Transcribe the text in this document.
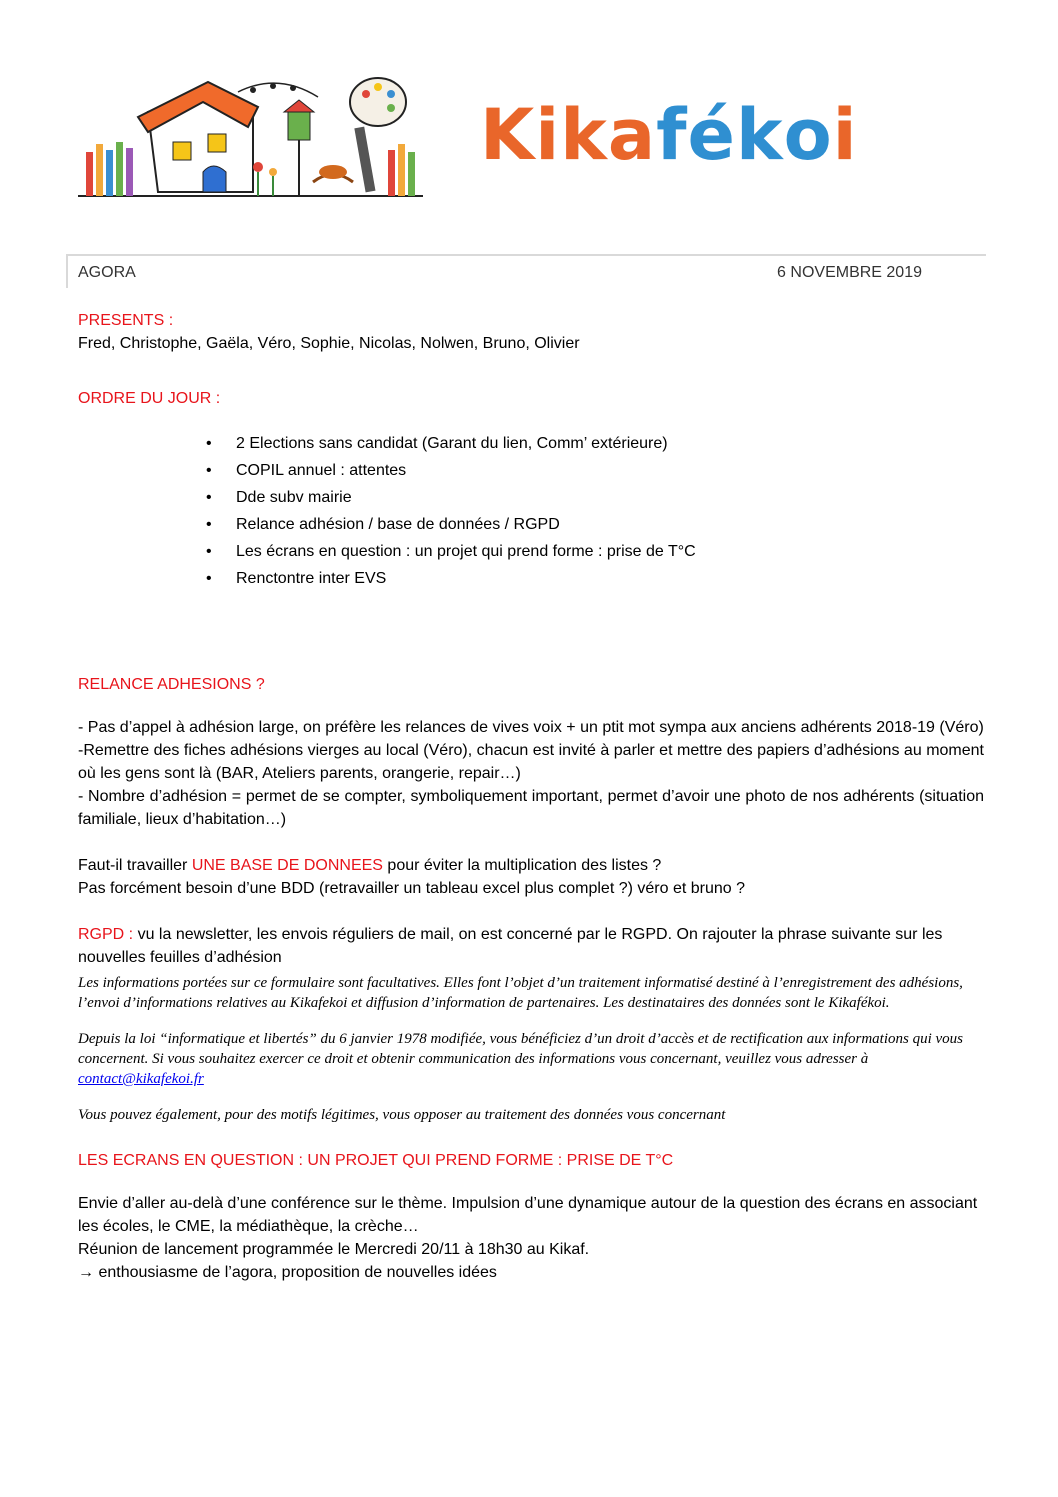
Kikafékoi
AGORA	6 NOVEMBRE 2019

PRESENTS :

Fred, Christophe, Gaëla, Véro, Sophie, Nicolas, Nolwen, Bruno, Olivier

ORDRE DU JOUR :

• 2 Elections sans candidat (Garant du lien, Comm’ extérieure)
• COPIL annuel : attentes
• Dde subv mairie
• Relance adhésion / base de données / RGPD
• Les écrans en question : un projet qui prend forme : prise de T°C
• Renctontre inter EVS

RELANCE ADHESIONS ?

- Pas d’appel à adhésion large, on préfère les relances de vives voix + un ptit mot sympa aux anciens adhérents 2018-19 (Véro)

-Remettre des fiches adhésions vierges au local (Véro), chacun est invité à parler et mettre des papiers d’adhésions au moment où les gens sont là (BAR, Ateliers parents, orangerie, repair…)

- Nombre d’adhésion = permet de se compter, symboliquement important, permet d’avoir une photo de nos adhérents (situation familiale, lieux d’habitation…)

Faut-il travailler UNE BASE DE DONNEES pour éviter la multiplication des listes ?

Pas forcément besoin d’une BDD (retravailler un tableau excel plus complet ?) véro et bruno ?

RGPD : vu la newsletter, les envois réguliers de mail, on est concerné par le RGPD. On rajouter la phrase suivante sur les nouvelles feuilles d’adhésion

Les informations portées sur ce formulaire sont facultatives. Elles font l’objet d’un traitement informatisé destiné à l’enregistrement des adhésions, l’envoi d’informations relatives au Kikafekoi et diffusion d’information de partenaires. Les destinataires des données sont le Kikafékoi.

Depuis la loi “informatique et libertés” du 6 janvier 1978 modifiée, vous bénéficiez d’un droit d’accès et de rectification aux informations qui vous concernent. Si vous souhaitez exercer ce droit et obtenir communication des informations vous concernant, veuillez vous adresser à contact@kikafekoi.fr

Vous pouvez également, pour des motifs légitimes, vous opposer au traitement des données vous concernant

LES ECRANS EN QUESTION : UN PROJET QUI PREND FORME : PRISE DE T°C

Envie d’aller au-delà d’une conférence sur le thème. Impulsion d’une dynamique autour de la question des écrans en associant les écoles, le CME, la médiathèque, la crèche…

Réunion de lancement programmée le Mercredi 20/11 à 18h30 au Kikaf.

→ enthousiasme de l’agora, proposition de nouvelles idées
